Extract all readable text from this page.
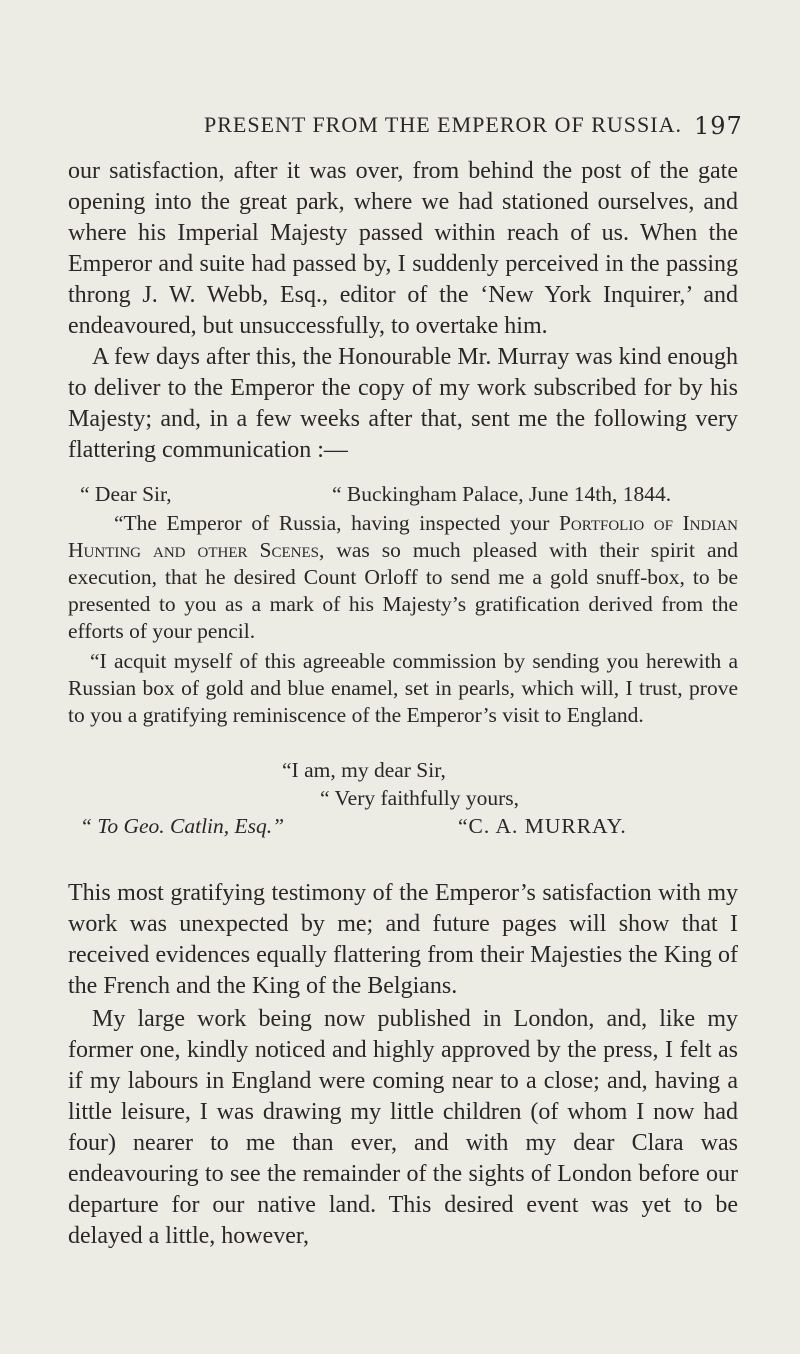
PRESENT FROM THE EMPEROR OF RUSSIA. 197
our satisfaction, after it was over, from behind the post of the gate opening into the great park, where we had stationed ourselves, and where his Imperial Majesty passed within reach of us. When the Emperor and suite had passed by, I suddenly perceived in the passing throng J. W. Webb, Esq., editor of the ‘New York Inquirer,’ and endeavoured, but unsuccessfully, to overtake him.
A few days after this, the Honourable Mr. Murray was kind enough to deliver to the Emperor the copy of my work subscribed for by his Majesty; and, in a few weeks after that, sent me the following very flattering communication :—
“ Dear Sir,	“ Buckingham Palace, June 14th, 1844.
“The Emperor of Russia, having inspected your Portfolio of Indian Hunting and other Scenes, was so much pleased with their spirit and execution, that he desired Count Orloff to send me a gold snuff-box, to be presented to you as a mark of his Majesty’s gratification derived from the efforts of your pencil.
“I acquit myself of this agreeable commission by sending you herewith a Russian box of gold and blue enamel, set in pearls, which will, I trust, prove to you a gratifying reminiscence of the Emperor’s visit to England.
“I am, my dear Sir,
“ Very faithfully yours,
“ To Geo. Catlin, Esq.”	“C. A. MURRAY.
This most gratifying testimony of the Emperor’s satisfaction with my work was unexpected by me; and future pages will show that I received evidences equally flattering from their Majesties the King of the French and the King of the Belgians.
My large work being now published in London, and, like my former one, kindly noticed and highly approved by the press, I felt as if my labours in England were coming near to a close; and, having a little leisure, I was drawing my little children (of whom I now had four) nearer to me than ever, and with my dear Clara was endeavouring to see the remainder of the sights of London before our departure for our native land. This desired event was yet to be delayed a little, however,
